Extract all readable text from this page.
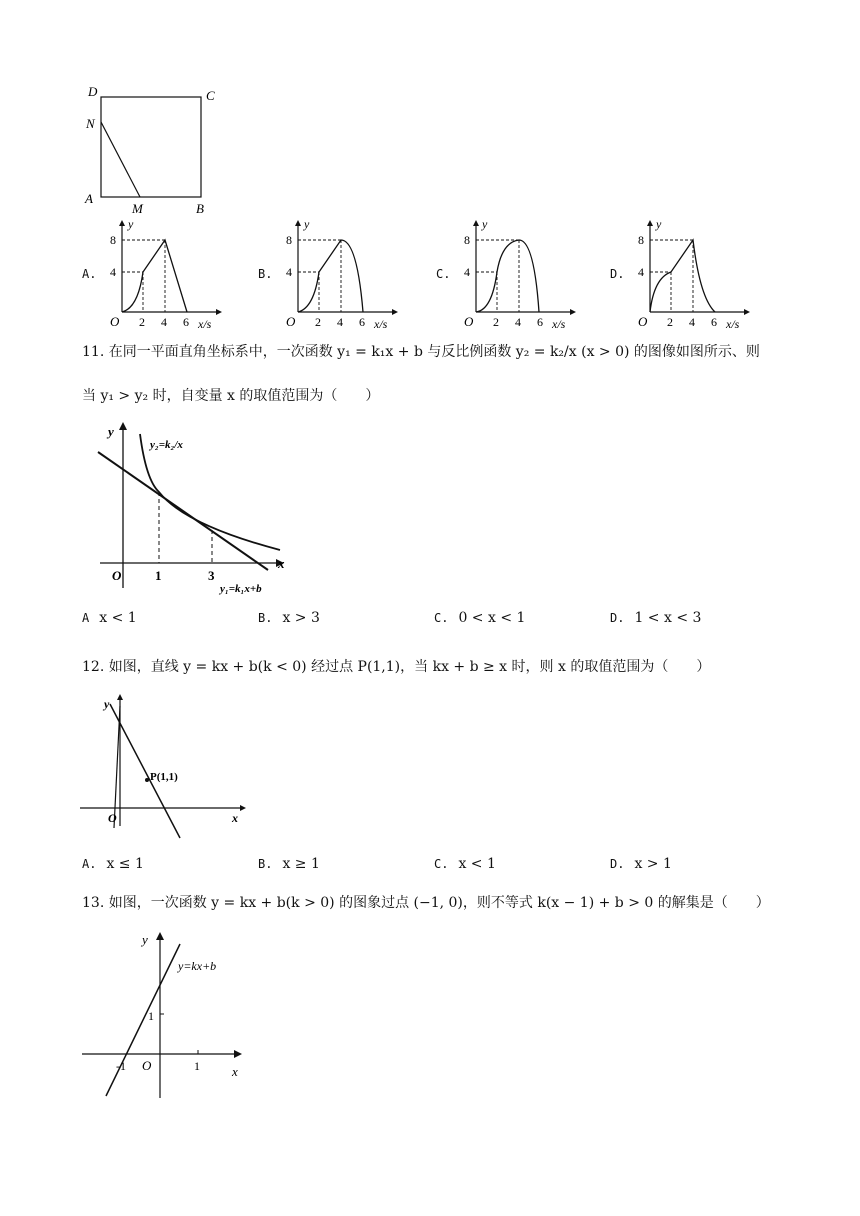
D	C
N
A
M	B
A.
y
8
4
O 2 4 6 x/s
B.
y
8
4
O 2 4 6 x/s
C.
y
8
4
O 2 4 6 x/s
D.
y
8
4
O 2 4 6 x/s
11. 在同一平面直角坐标系中，一次函数 y₁ = k₁x + b 与反比例函数 y₂ = k₂/x (x > 0) 的图像如图所示、则
当 y₁ > y₂ 时，自变量 x 的取值范围为（　　）
y
x
O	1	3
y₂=k₂/x
y₁=k₁x+b
A x < 1	B. x > 3	C. 0 < x < 1	D. 1 < x < 3
12. 如图，直线 y = kx + b(k < 0) 经过点 P(1,1)，当 kx + b ≥ x 时，则 x 的取值范围为（　　）
y
x
O
P(1,1)
A. x ≤ 1	B. x ≥ 1	C. x < 1	D. x > 1
13. 如图，一次函数 y = kx + b(k > 0) 的图象过点 (−1, 0)，则不等式 k(x − 1) + b > 0 的解集是（　　）
y
x
O
y=kx+b
-1	1
1
